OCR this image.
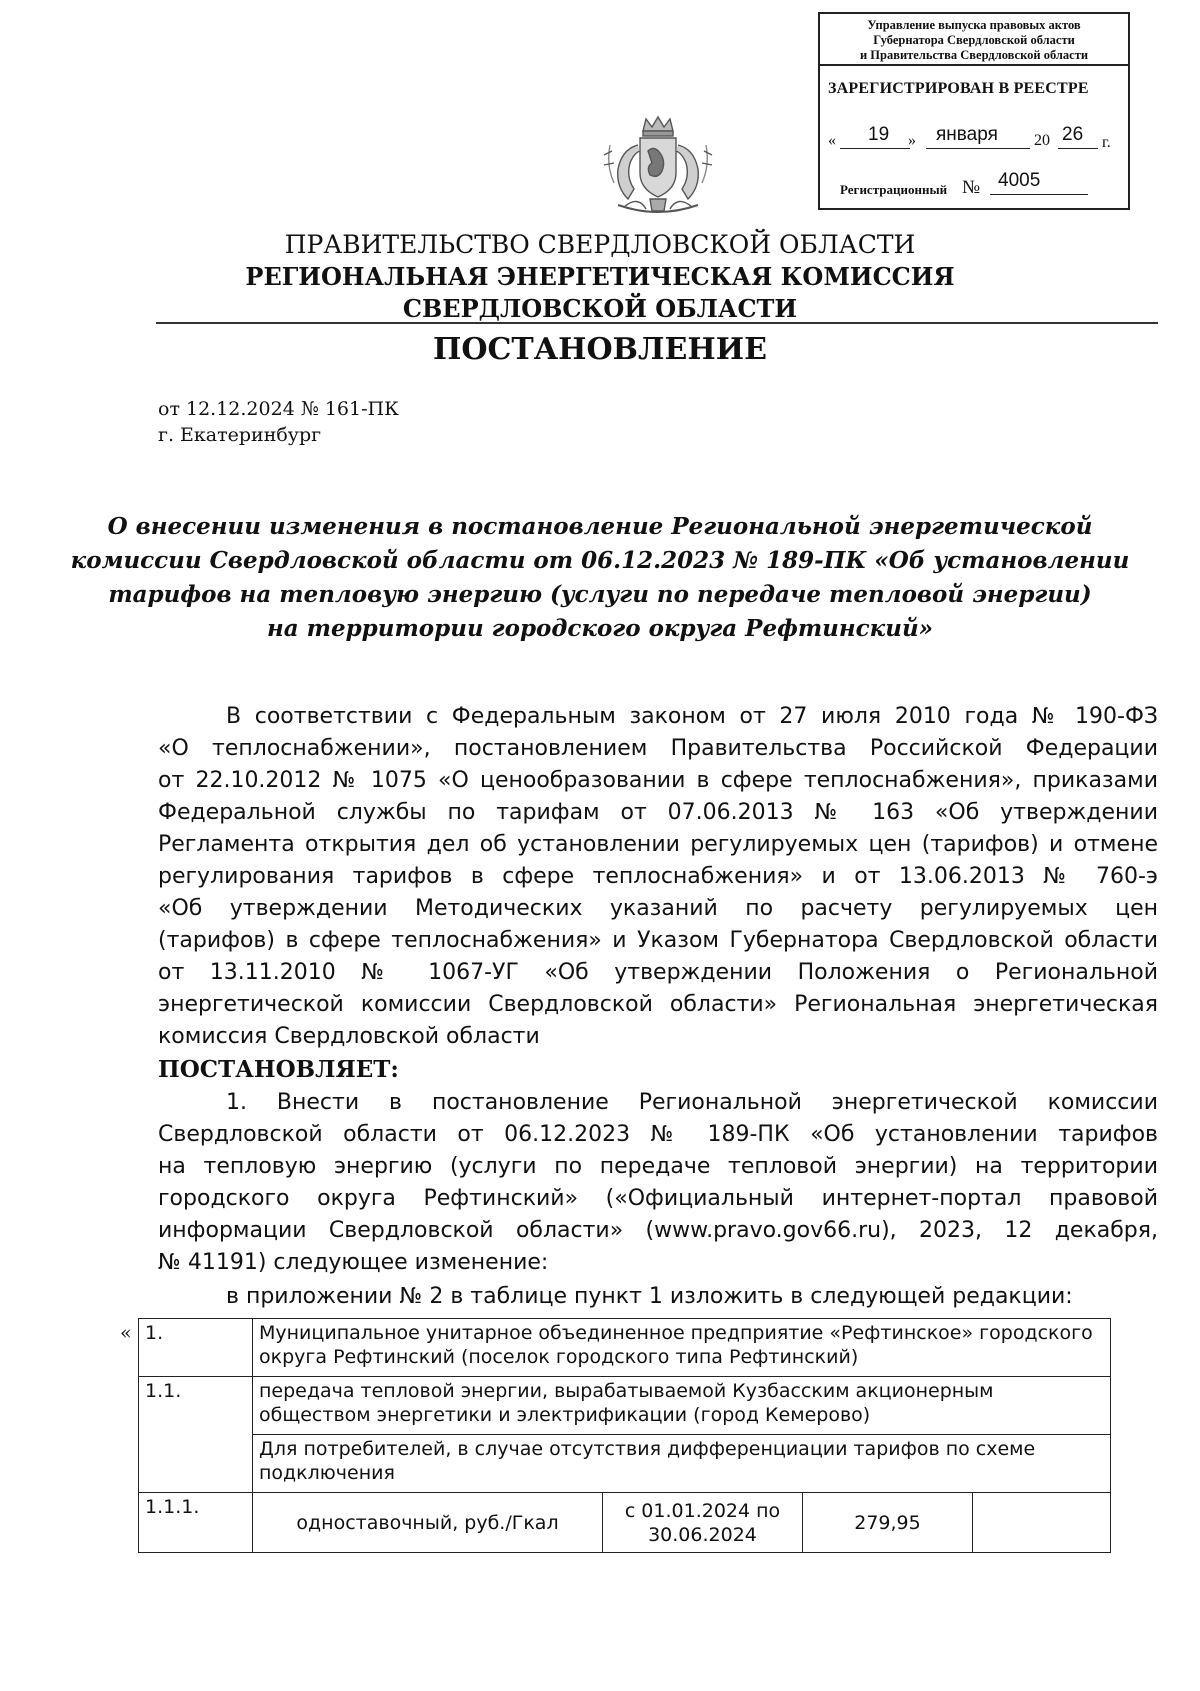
Управление выпуска правовых актов
Губернатора Свердловской области
и Правительства Свердловской области
ЗАРЕГИСТРИРОВАН В РЕЕСТРЕ
« 19 » января 20 26 г.
Регистрационный № 4005
ПРАВИТЕЛЬСТВО СВЕРДЛОВСКОЙ ОБЛАСТИ
РЕГИОНАЛЬНАЯ ЭНЕРГЕТИЧЕСКАЯ КОМИССИЯ
СВЕРДЛОВСКОЙ ОБЛАСТИ
ПОСТАНОВЛЕНИЕ
от 12.12.2024 № 161-ПК
г. Екатеринбург
О внесении изменения в постановление Региональной энергетической
комиссии Свердловской области от 06.12.2023 № 189-ПК «Об установлении
тарифов на тепловую энергию (услуги по передаче тепловой энергии)
на территории городского округа Рефтинский»
В соответствии с Федеральным законом от 27 июля 2010 года № 190-ФЗ
«О теплоснабжении», постановлением Правительства Российской Федерации
от 22.10.2012 № 1075 «О ценообразовании в сфере теплоснабжения», приказами
Федеральной службы по тарифам от 07.06.2013 № 163 «Об утверждении
Регламента открытия дел об установлении регулируемых цен (тарифов) и отмене
регулирования тарифов в сфере теплоснабжения» и от 13.06.2013 № 760-э
«Об утверждении Методических указаний по расчету регулируемых цен
(тарифов) в сфере теплоснабжения» и Указом Губернатора Свердловской области
от 13.11.2010 № 1067-УГ «Об утверждении Положения о Региональной
энергетической комиссии Свердловской области» Региональная энергетическая
комиссия Свердловской области
ПОСТАНОВЛЯЕТ:
1. Внести в постановление Региональной энергетической комиссии
Свердловской области от 06.12.2023 № 189-ПК «Об установлении тарифов
на тепловую энергию (услуги по передаче тепловой энергии) на территории
городского округа Рефтинский» («Официальный интернет-портал правовой
информации Свердловской области» (www.pravo.gov66.ru), 2023, 12 декабря,
№ 41191) следующее изменение:
в приложении № 2 в таблице пункт 1 изложить в следующей редакции:
« 1.	Муниципальное унитарное объединенное предприятие «Рефтинское» городского округа Рефтинский (поселок городского типа Рефтинский)			
1.1.	передача тепловой энергии, вырабатываемой Кузбасским акционерным обществом энергетики и электрификации (город Кемерово)			
	Для потребителей, в случае отсутствия дифференциации тарифов по схеме подключения			
1.1.1.	одноставочный, руб./Гкал	с 01.01.2024 по 30.06.2024	279,95	
